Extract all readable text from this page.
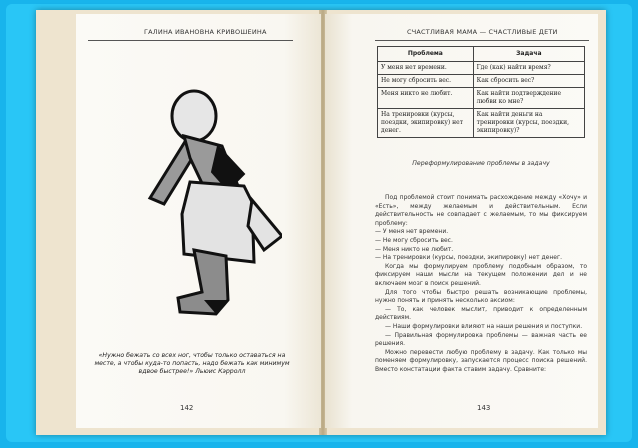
ГАЛИНА ИВАНОВНА КРИВОШЕИНА
«Нужно бежать со всех ног, чтобы только оставаться на месте, а чтобы куда-то попасть, надо бежать как минимум вдвое быстрее!» Льюис Кэрролл
142
СЧАСТЛИВАЯ МАМА — СЧАСТЛИВЫЕ ДЕТИ
Проблема	Задача
У меня нет времени.	Где (как) найти время?
Не могу сбросить вес.	Как сбросить вес?
Меня никто не любит.	Как найти подтверждение любви ко мне?
На тренировки (курсы, поездки, экипировку) нет денег.	Как найти деньги на тренировки (курсы, поездки, экипировку)?
Переформулирование проблемы в задачу

Под проблемой стоит понимать расхождение между «Хочу» и «Есть», между желаемым и действительным. Если действительность не совпадает с желаемым, то мы фиксируем проблему:

— У меня нет времени.

— Не могу сбросить вес.

— Меня никто не любит.

— На тренировки (курсы, поездки, экипировку) нет денег.

Когда мы формулируем проблему подобным образом, то фиксируем наши мысли на текущем положении дел и не включаем мозг в поиск решений.

Для того чтобы быстро решать возникающие проблемы, нужно понять и принять несколько аксиом:

— То, как человек мыслит, приводит к определенным действиям.

— Наши формулировки влияют на наши решения и поступки.

— Правильная формулировка проблемы — важная часть ее решения.

Можно перевести любую проблему в задачу. Как только мы поменяем формулировку, запускается процесс поиска решений. Вместо констатации факта ставим задачу. Сравните:

143
